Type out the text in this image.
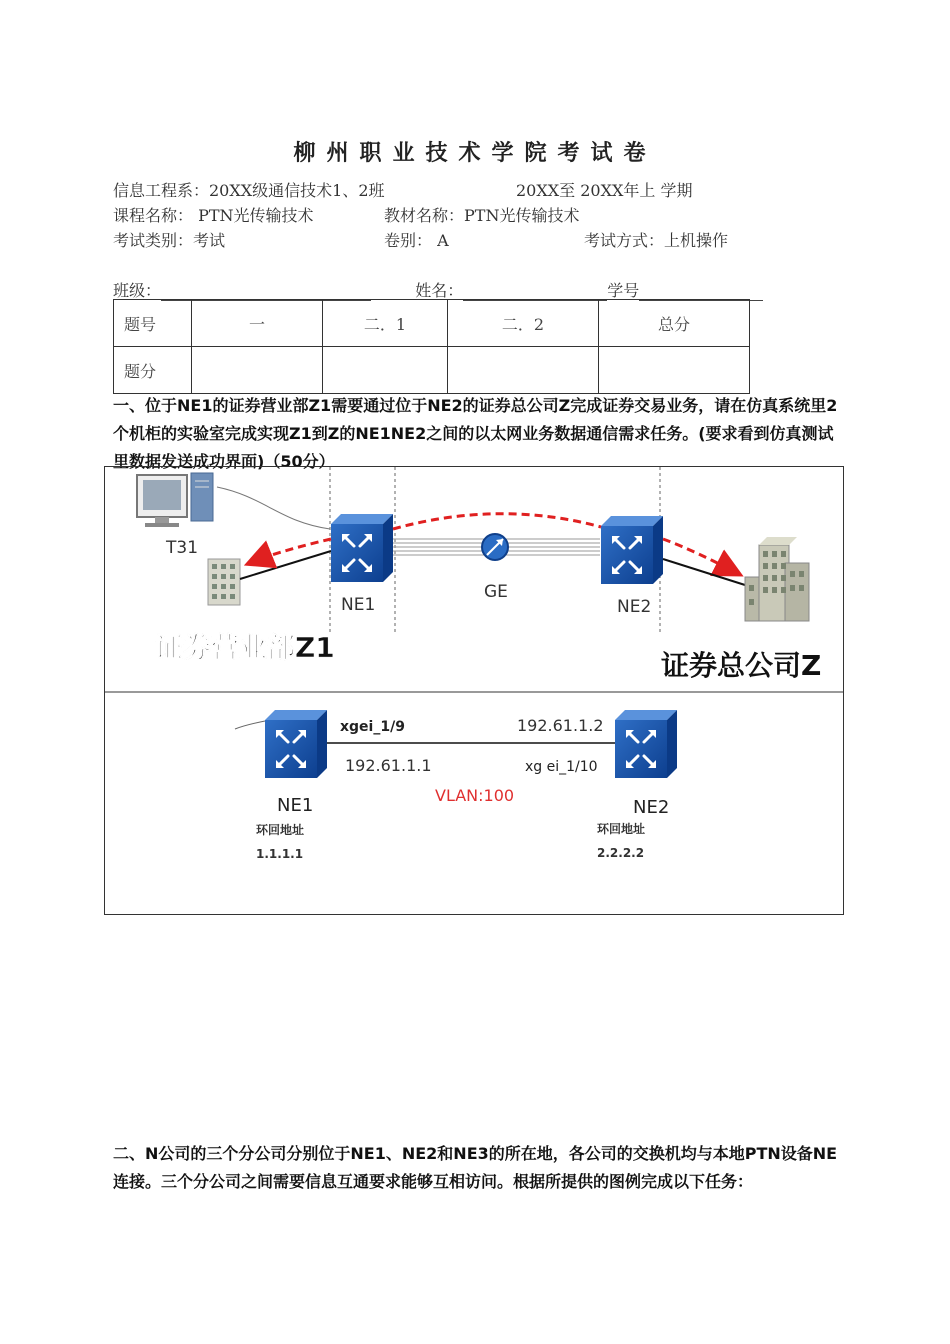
柳州职业技术学院考试卷
信息工程系：20XX级通信技术1、2班	20XX至 20XX年上 学期
课程名称： PTN光传输技术	教材名称：PTN光传输技术
考试类别：考试	卷别： A	考试方式：上机操作
班级：	姓名：	学号
题号	一	二．1	二．2	总分
题分				
一、位于NE1的证券营业部Z1需要通过位于NE2的证券总公司Z完成证券交易业务，请在仿真系统里2个机柜的实验室完成实现Z1到Z的NE1NE2之间的以太网业务数据通信需求任务。(要求看到仿真测试里数据发送成功界面)（50分）
T31
NE1
GE
NE2
证券营业部Z1
证券总公司Z
xgei_1/9
192.61.1.1
192.61.1.2
xg ei_1/10
VLAN:100
NE1	NE2
环回地址
1.1.1.1
环回地址
2.2.2.2
二、N公司的三个分公司分别位于NE1、NE2和NE3的所在地，各公司的交换机均与本地PTN设备NE连接。三个分公司之间需要信息互通要求能够互相访问。根据所提供的图例完成以下任务：
